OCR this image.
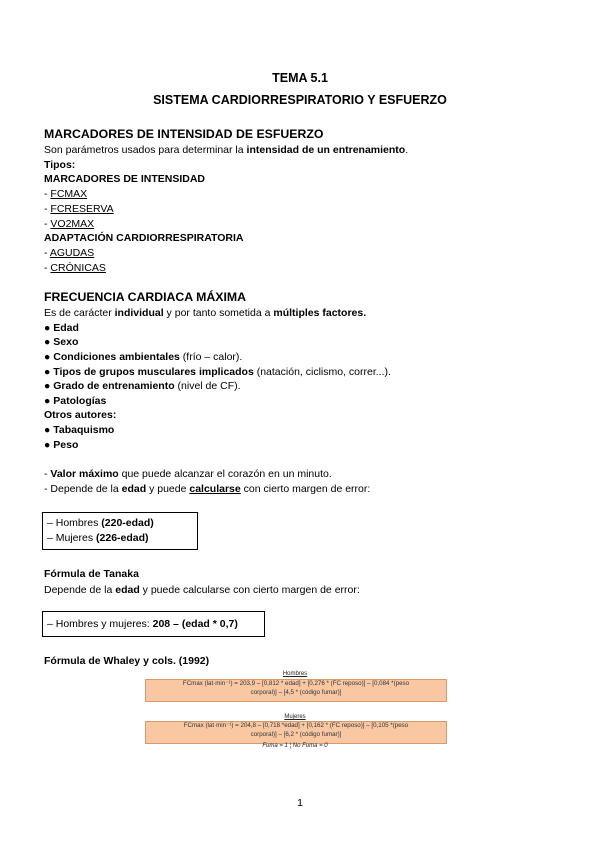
TEMA 5.1
SISTEMA CARDIORRESPIRATORIO Y ESFUERZO
MARCADORES DE INTENSIDAD DE ESFUERZO
Son parámetros usados para determinar la intensidad de un entrenamiento.
Tipos:
MARCADORES DE INTENSIDAD
- FCMAX
- FCRESERVA
- VO2MAX
ADAPTACIÓN CARDIORRESPIRATORIA
- AGUDAS
- CRÓNICAS
FRECUENCIA CARDIACA MÁXIMA
Es de carácter individual y por tanto sometida a múltiples factores.
● Edad
● Sexo
● Condiciones ambientales (frío – calor).
● Tipos de grupos musculares implicados (natación, ciclismo, correr...).
● Grado de entrenamiento (nivel de CF).
● Patologías
Otros autores:
● Tabaquismo
● Peso
- Valor máximo que puede alcanzar el corazón en un minuto.
- Depende de la edad y puede calcularse con cierto margen de error:
– Hombres (220-edad)
– Mujeres (226-edad)
Fórmula de Tanaka
Depende de la edad y puede calcularse con cierto margen de error:
– Hombres y mujeres: 208 – (edad * 0,7)
Fórmula de Whaley y cols. (1992)
Hombres
FCmax (lat·min⁻¹) = 203,9 – [0,812 * edad] + [0,276 * (FC reposo)] – [0,084 *(peso
corporal)] – [4,5 * (código fumar)]
Mujeres
FCmax (lat·min⁻¹) = 204,8 – [0,718 *edad] + [0,162 * (FC reposo)] – [0,105 *(peso
corporal)] – [6,2 * (código fumar)]
Fuma = 1 ¦ No Fuma = 0
1
